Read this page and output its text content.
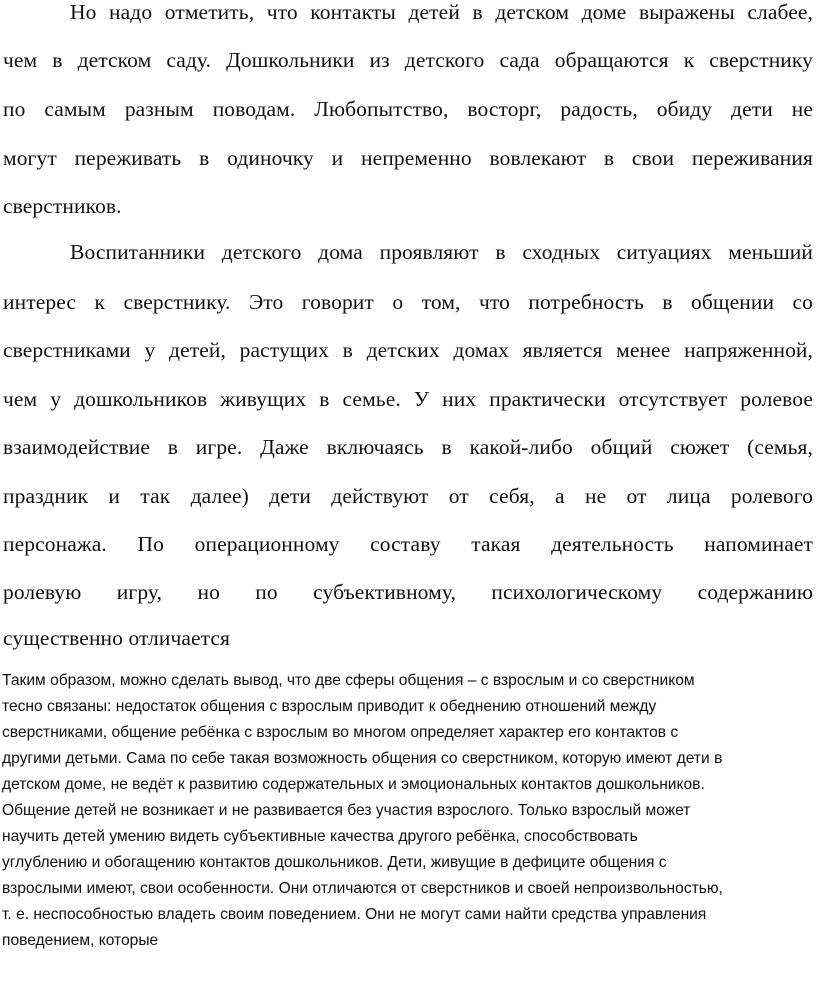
Но надо отметить, что контакты детей в детском доме выражены слабее,
чем в детском саду. Дошкольники из детского сада обращаются к сверстнику
по самым разным поводам. Любопытство, восторг, радость, обиду дети не
могут переживать в одиночку и непременно вовлекают в свои переживания
сверстников.
Воспитанники детского дома проявляют в сходных ситуациях меньший
интерес к сверстнику. Это говорит о том, что потребность в общении со
сверстниками у детей, растущих в детских домах является менее напряженной,
чем у дошкольников живущих в семье. У них практически отсутствует ролевое
взаимодействие в игре. Даже включаясь в какой-либо общий сюжет (семья,
праздник и так далее) дети действуют от себя, а не от лица ролевого
персонажа. По операционному составу такая деятельность напоминает
ролевую игру, но по субъективному, психологическому содержанию
существенно отличается
Таким образом, можно сделать вывод, что две сферы общения – с взрослым и со сверстником
тесно связаны: недостаток общения с взрослым приводит к обеднению отношений между
сверстниками, общение ребёнка с взрослым во многом определяет характер его контактов с
другими детьми. Сама по себе такая возможность общения со сверстником, которую имеют дети в
детском доме, не ведёт к развитию содержательных и эмоциональных контактов дошкольников.
Общение детей не возникает и не развивается без участия взрослого. Только взрослый может
научить детей умению видеть субъективные качества другого ребёнка, способствовать
углублению и обогащению контактов дошкольников. Дети, живущие в дефиците общения с
взрослыми имеют, свои особенности. Они отличаются от сверстников и своей непроизвольностью,
т. е. неспособностью владеть своим поведением. Они не могут сами найти средства управления
поведением, которые
